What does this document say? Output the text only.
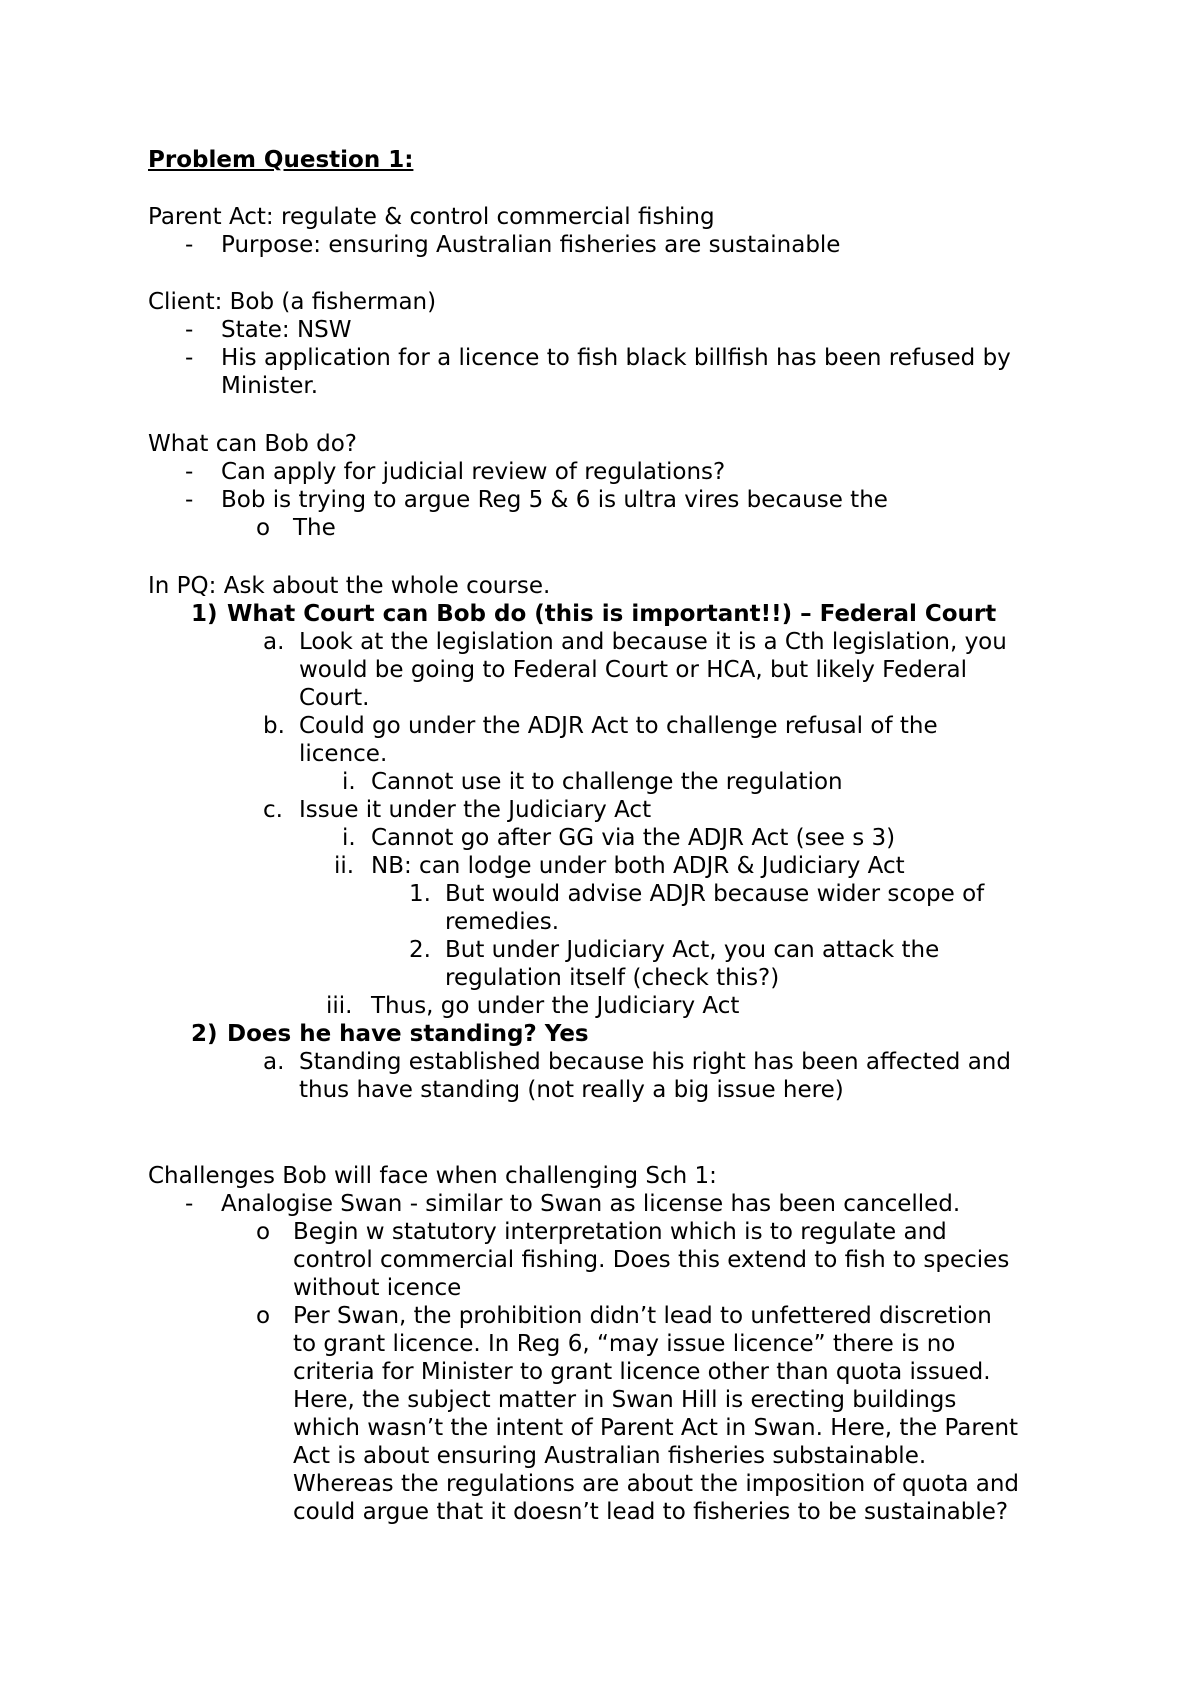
Problem Question 1:
Parent Act: regulate & control commercial fishing
- Purpose: ensuring Australian fisheries are sustainable
Client: Bob (a fisherman)
- State: NSW
- His application for a licence to fish black billfish has been refused by
Minister.
What can Bob do?
- Can apply for judicial review of regulations?
- Bob is trying to argue Reg 5 & 6 is ultra vires because the
o The
In PQ: Ask about the whole course.
1) What Court can Bob do (this is important!!) – Federal Court
a. Look at the legislation and because it is a Cth legislation, you
would be going to Federal Court or HCA, but likely Federal
Court.
b. Could go under the ADJR Act to challenge refusal of the
licence.
i. Cannot use it to challenge the regulation
c. Issue it under the Judiciary Act
i. Cannot go after GG via the ADJR Act (see s 3)
ii. NB: can lodge under both ADJR & Judiciary Act
1. But would advise ADJR because wider scope of
remedies.
2. But under Judiciary Act, you can attack the
regulation itself (check this?)
iii. Thus, go under the Judiciary Act
2) Does he have standing? Yes
a. Standing established because his right has been affected and
thus have standing (not really a big issue here)
Challenges Bob will face when challenging Sch 1:
- Analogise Swan - similar to Swan as license has been cancelled.
o Begin w statutory interpretation which is to regulate and
control commercial fishing. Does this extend to fish to species
without icence
o Per Swan, the prohibition didn’t lead to unfettered discretion
to grant licence. In Reg 6, “may issue licence” there is no
criteria for Minister to grant licence other than quota issued.
Here, the subject matter in Swan Hill is erecting buildings
which wasn’t the intent of Parent Act in Swan. Here, the Parent
Act is about ensuring Australian fisheries substainable.
Whereas the regulations are about the imposition of quota and
could argue that it doesn’t lead to fisheries to be sustainable?
